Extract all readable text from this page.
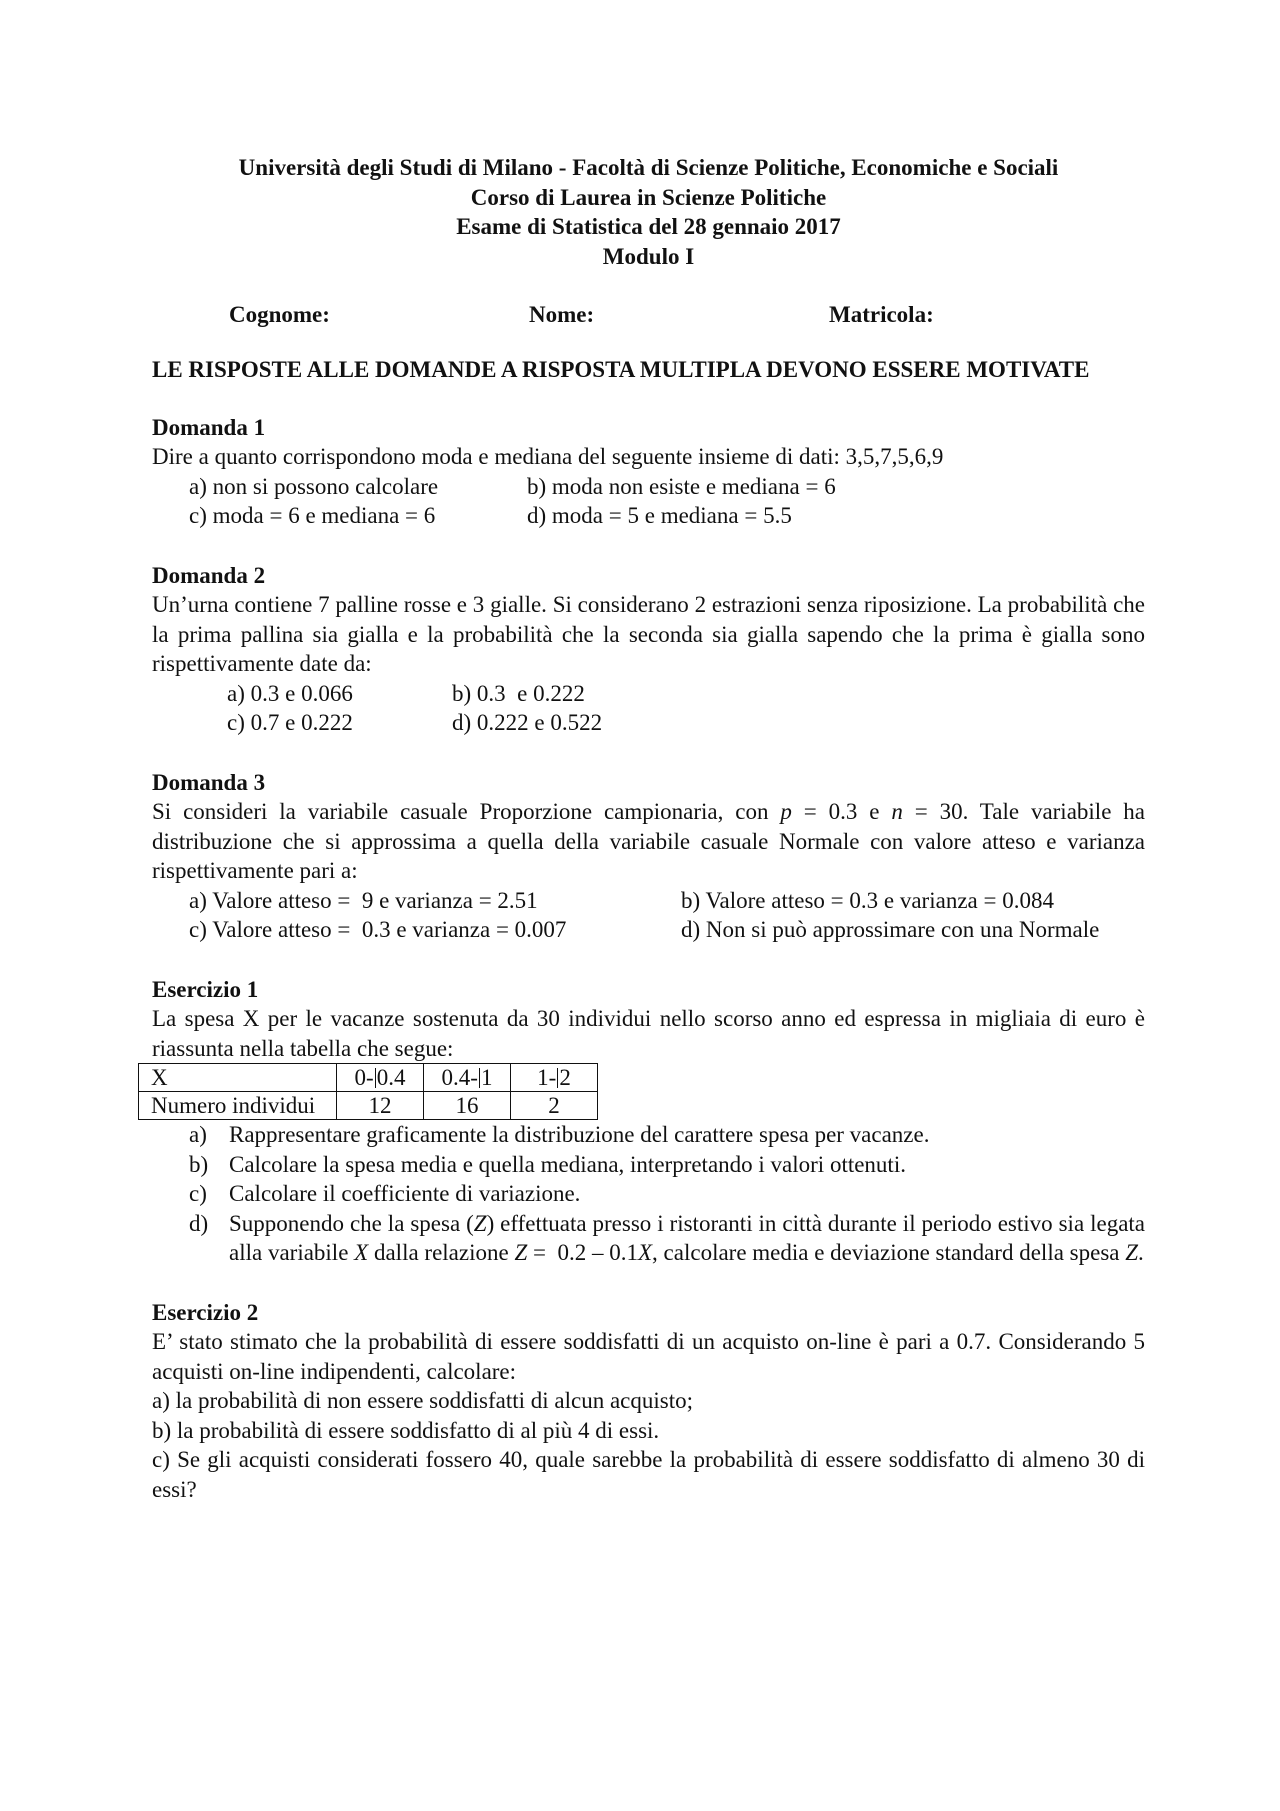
Università degli Studi di Milano - Facoltà di Scienze Politiche, Economiche e Sociali
Corso di Laurea in Scienze Politiche
Esame di Statistica del 28 gennaio 2017
Modulo I
Cognome:	Nome:	Matricola:
LE RISPOSTE ALLE DOMANDE A RISPOSTA MULTIPLA DEVONO ESSERE MOTIVATE
Domanda 1
Dire a quanto corrispondono moda e mediana del seguente insieme di dati: 3,5,7,5,6,9
a) non si possono calcolare	b) moda non esiste e mediana = 6
c) moda = 6 e mediana = 6	d) moda = 5 e mediana = 5.5
Domanda 2
Un’urna contiene 7 palline rosse e 3 gialle. Si considerano 2 estrazioni senza riposizione. La probabilità che la prima pallina sia gialla e la probabilità che la seconda sia gialla sapendo che la prima è gialla sono rispettivamente date da:
a) 0.3 e 0.066	b) 0.3  e 0.222
c) 0.7 e 0.222	d) 0.222 e 0.522
Domanda 3
Si consideri la variabile casuale Proporzione campionaria, con p = 0.3 e n = 30. Tale variabile ha distribuzione che si approssima a quella della variabile casuale Normale con valore atteso e varianza rispettivamente pari a:
a) Valore atteso =  9 e varianza = 2.51	b) Valore atteso = 0.3 e varianza = 0.084
c) Valore atteso =  0.3 e varianza = 0.007	d) Non si può approssimare con una Normale
Esercizio 1
La spesa X per le vacanze sostenuta da 30 individui nello scorso anno ed espressa in migliaia di euro è riassunta nella tabella che segue:
X	0- 0.4	0.4- 1	1- 2
Numero individui	12	16	2
a) Rappresentare graficamente la distribuzione del carattere spesa per vacanze.
b) Calcolare la spesa media e quella mediana, interpretando i valori ottenuti.
c) Calcolare il coefficiente di variazione.
d) Supponendo che la spesa (Z) effettuata presso i ristoranti in città durante il periodo estivo sia legata alla variabile X dalla relazione Z =  0.2 – 0.1X, calcolare media e deviazione standard della spesa Z.
Esercizio 2
E’ stato stimato che la probabilità di essere soddisfatti di un acquisto on-line è pari a 0.7. Considerando 5 acquisti on-line indipendenti, calcolare:
a) la probabilità di non essere soddisfatti di alcun acquisto;
b) la probabilità di essere soddisfatto di al più 4 di essi.
c) Se gli acquisti considerati fossero 40, quale sarebbe la probabilità di essere soddisfatto di almeno 30 di essi?
